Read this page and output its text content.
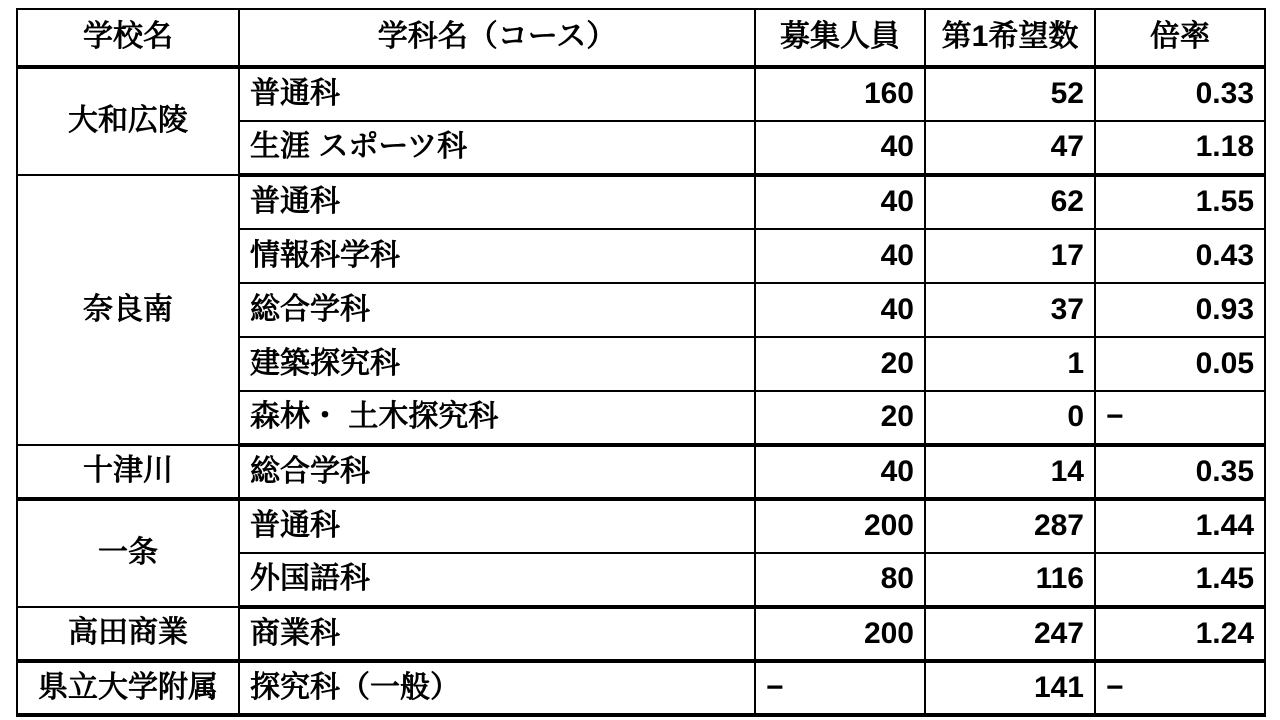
学校名	学科名（コース）	募集人員	第1希望数	倍率
大和広陵	普通科	160	52	0.33
	生涯 スポーツ科	40	47	1.18
奈良南	普通科	40	62	1.55
	情報科学科	40	17	0.43
	総合学科	40	37	0.93
	建築探究科	20	1	0.05
	森林・ 土木探究科	20	0	−
十津川	総合学科	40	14	0.35
一条	普通科	200	287	1.44
	外国語科	80	116	1.45
高田商業	商業科	200	247	1.24
県立大学附属	探究科（一般）	−	141	−
